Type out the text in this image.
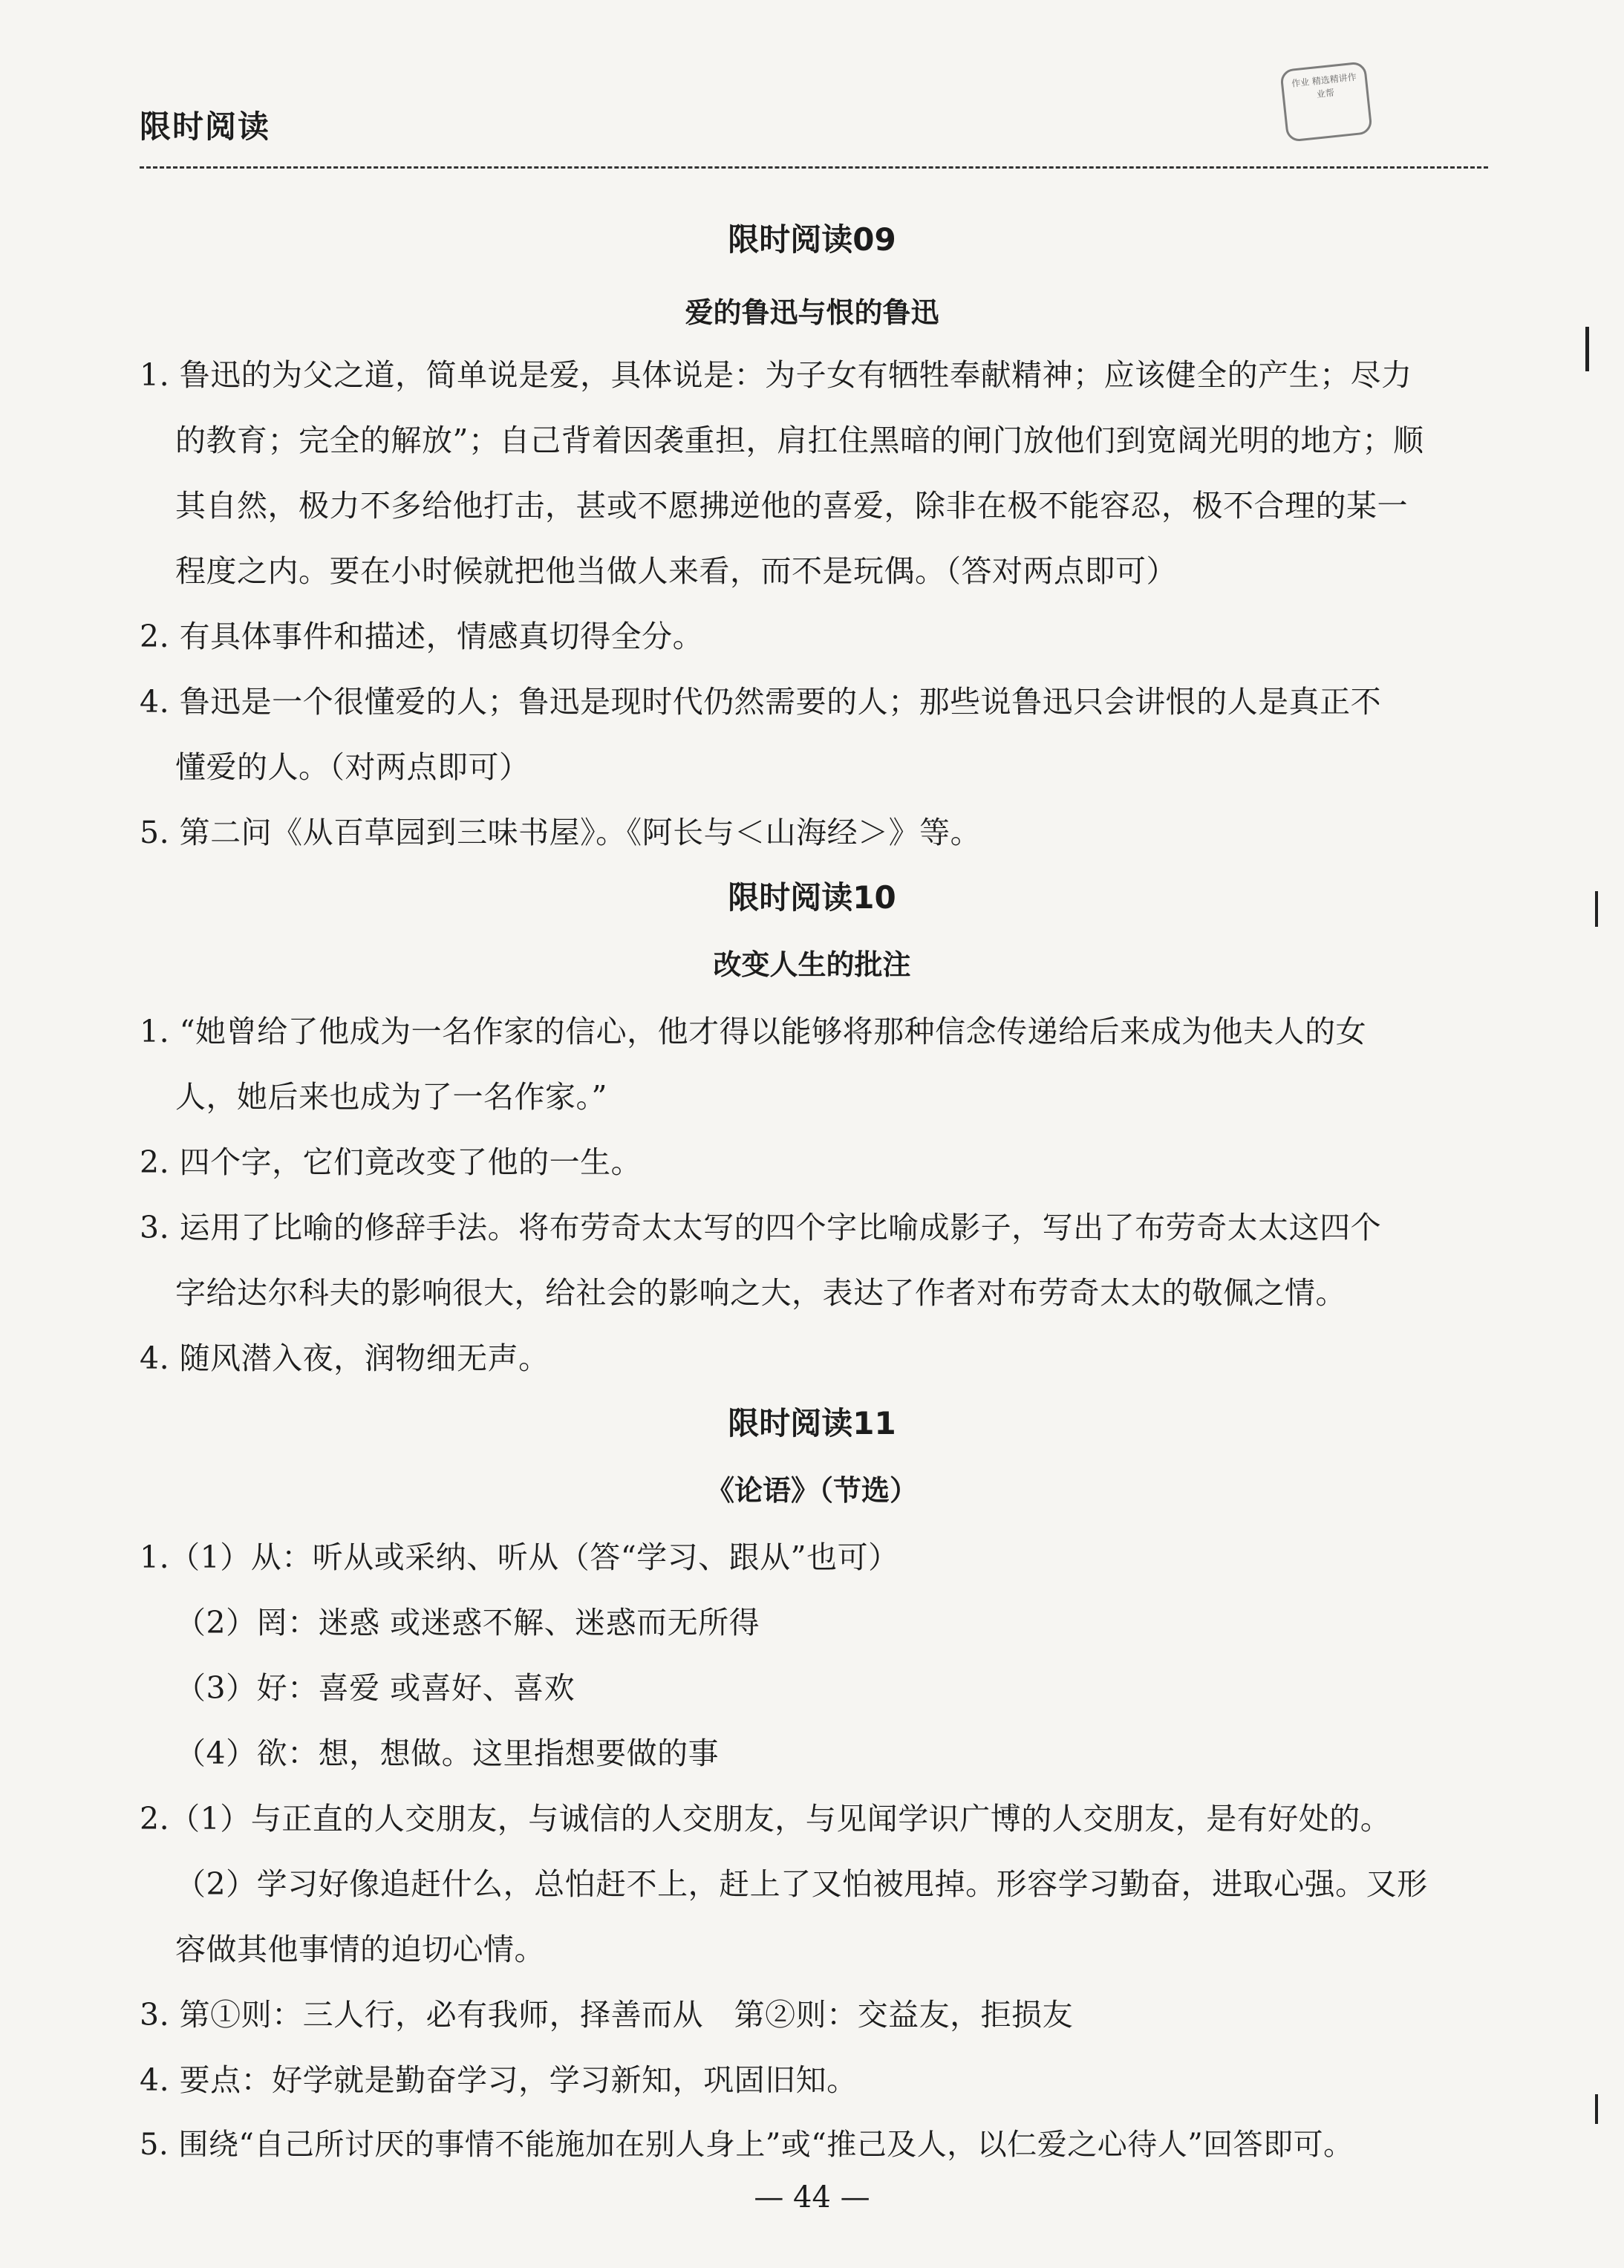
限时阅读
作业 精选精讲作业帮
限时阅读09
爱的鲁迅与恨的鲁迅
1. 鲁迅的为父之道，简单说是爱，具体说是：为子女有牺牲奉献精神；应该健全的产生；尽力
的教育；完全的解放”；自己背着因袭重担，肩扛住黑暗的闸门放他们到宽阔光明的地方；顺
其自然，极力不多给他打击，甚或不愿拂逆他的喜爱，除非在极不能容忍，极不合理的某一
程度之内。要在小时候就把他当做人来看，而不是玩偶。（答对两点即可）
2. 有具体事件和描述，情感真切得全分。
4. 鲁迅是一个很懂爱的人；鲁迅是现时代仍然需要的人；那些说鲁迅只会讲恨的人是真正不
懂爱的人。（对两点即可）
5. 第二问《从百草园到三味书屋》。《阿长与＜山海经＞》等。
限时阅读10
改变人生的批注
1. “她曾给了他成为一名作家的信心，他才得以能够将那种信念传递给后来成为他夫人的女
人，她后来也成为了一名作家。”
2. 四个字，它们竟改变了他的一生。
3. 运用了比喻的修辞手法。将布劳奇太太写的四个字比喻成影子，写出了布劳奇太太这四个
字给达尔科夫的影响很大，给社会的影响之大，表达了作者对布劳奇太太的敬佩之情。
4. 随风潜入夜，润物细无声。
限时阅读11
《论语》（节选）
1.（1）从：听从或采纳、听从（答“学习、跟从”也可）
（2）罔：迷惑 或迷惑不解、迷惑而无所得
（3）好：喜爱 或喜好、喜欢
（4）欲：想，想做。这里指想要做的事
2.（1）与正直的人交朋友，与诚信的人交朋友，与见闻学识广博的人交朋友，是有好处的。
（2）学习好像追赶什么，总怕赶不上，赶上了又怕被甩掉。形容学习勤奋，进取心强。又形
容做其他事情的迫切心情。
3. 第①则：三人行，必有我师，择善而从　第②则：交益友，拒损友
4. 要点：好学就是勤奋学习，学习新知，巩固旧知。
5. 围绕“自己所讨厌的事情不能施加在别人身上”或“推己及人，以仁爱之心待人”回答即可。
— 44 —
